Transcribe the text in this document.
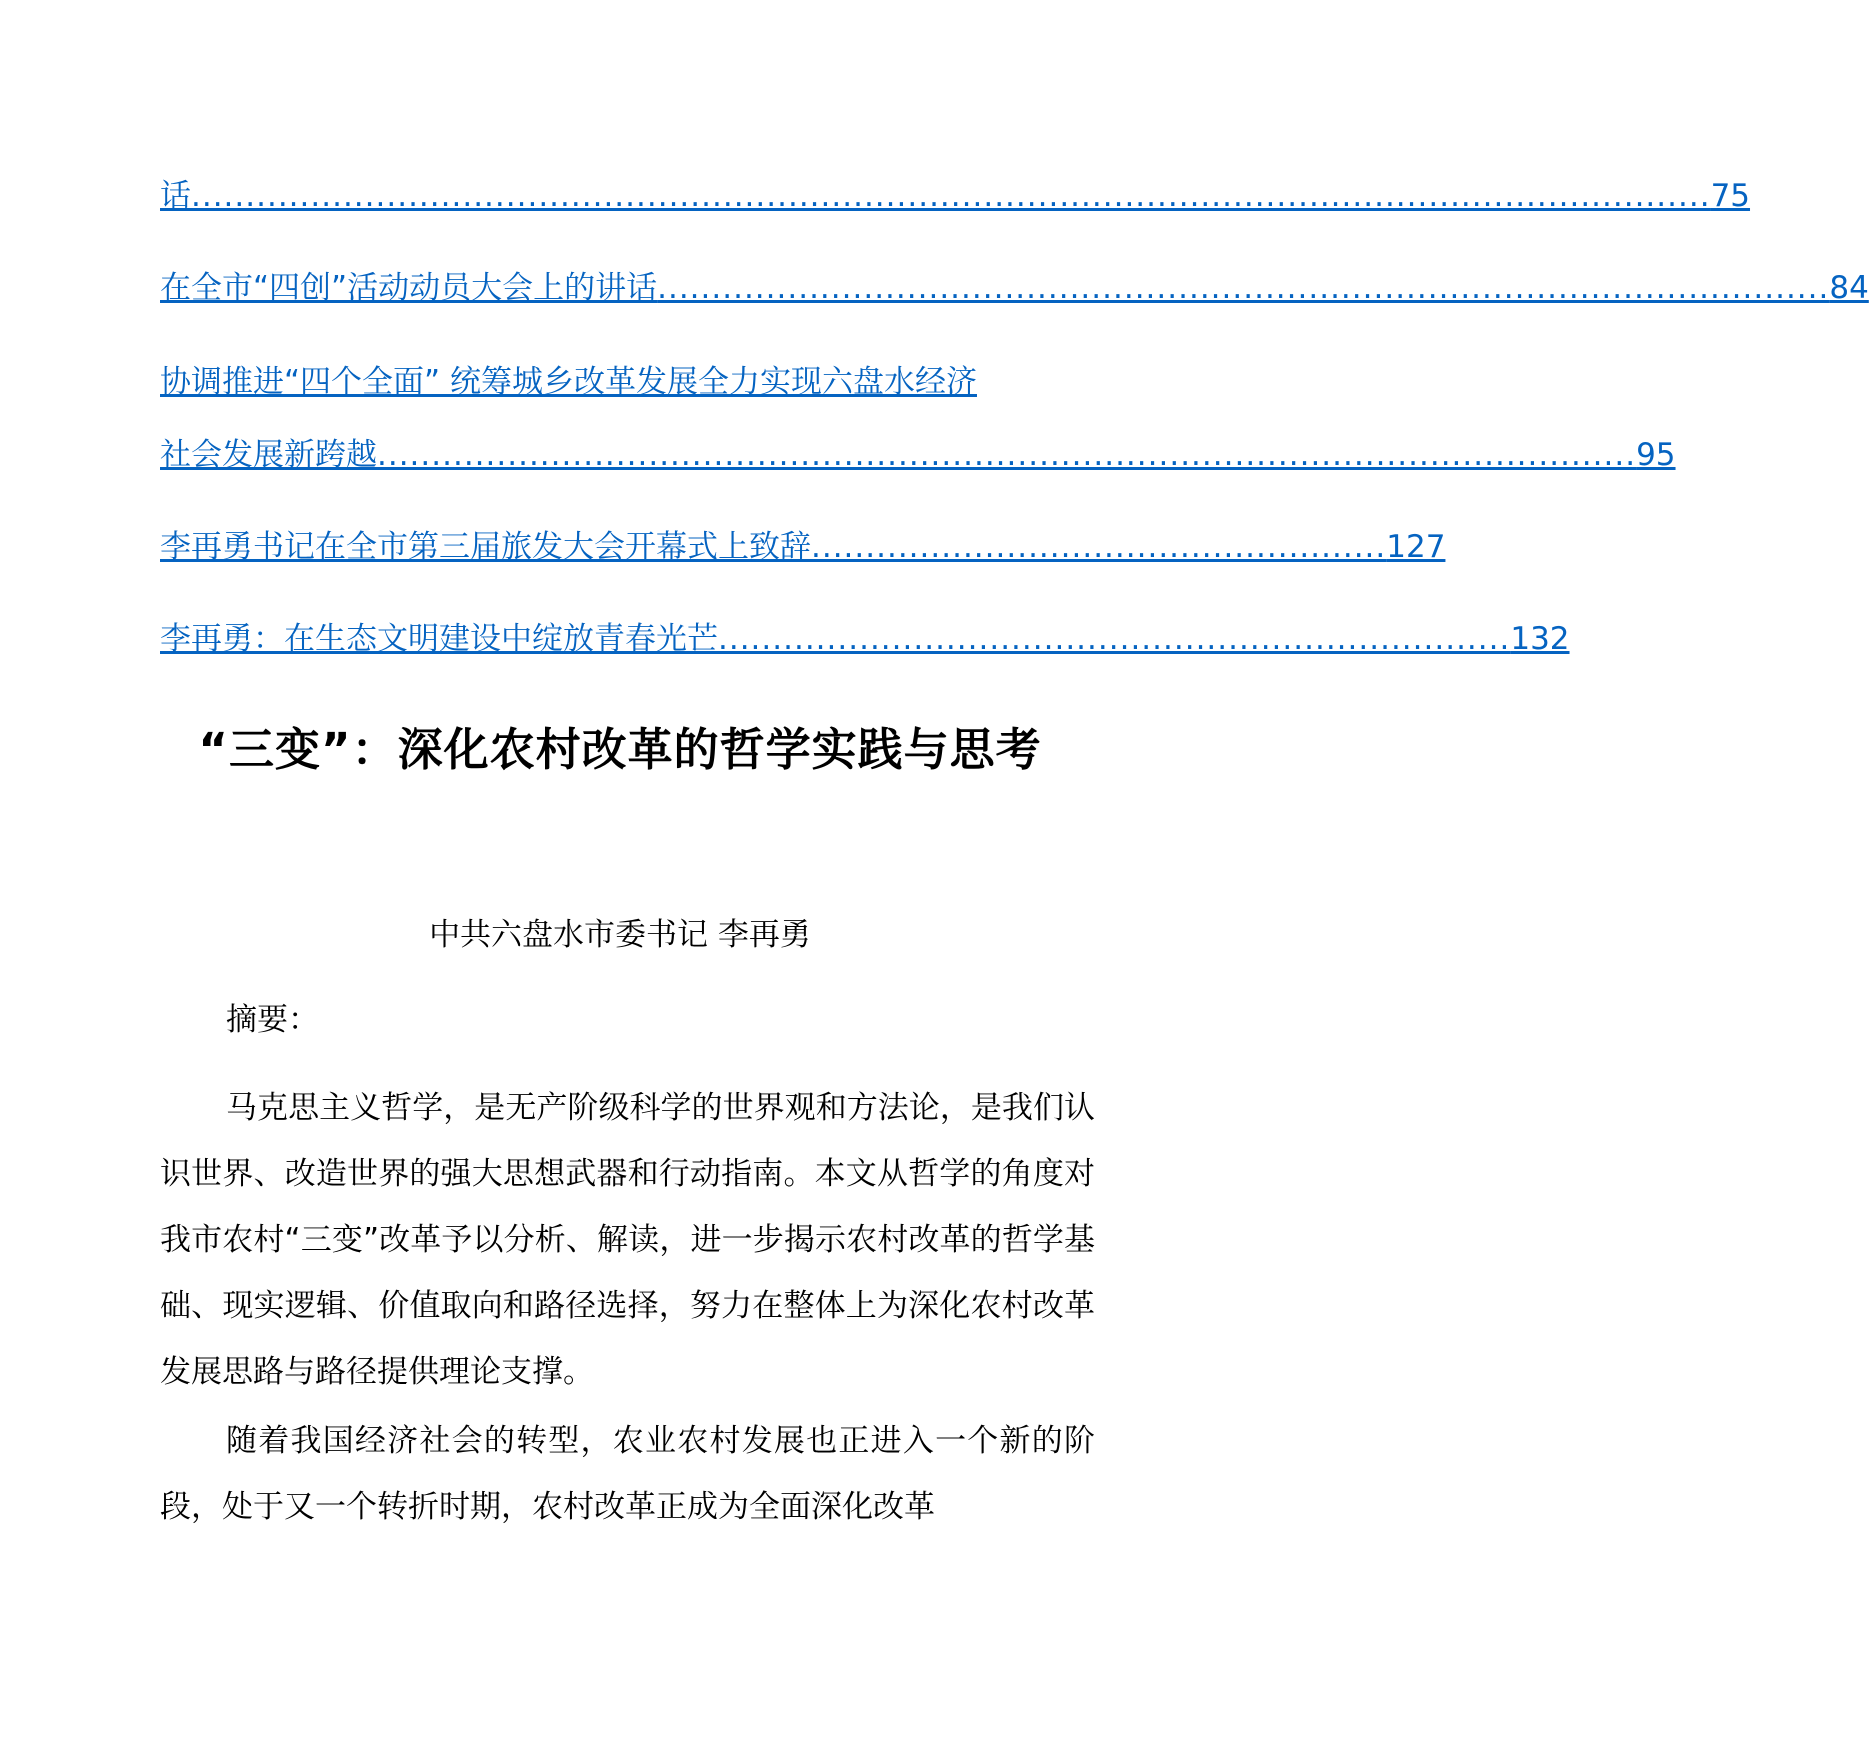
话 ............................................................................................................................................ 75
在全市“四创”活动动员大会上的讲话 ............................................................................................................ 84
协调推进“四个全面” 统筹城乡改革发展全力实现六盘水经济
社会发展新跨越 .................................................................................................................... 95
李再勇书记在全市第三届旅发大会开幕式上致辞 ..................................................... 127
李再勇：在生态文明建设中绽放青春光芒 ......................................................................... 132
“三变”：深化农村改革的哲学实践与思考
中共六盘水市委书记 李再勇
摘要：
马克思主义哲学，是无产阶级科学的世界观和方法论，是我们认识世界、改造世界的强大思想武器和行动指南。本文从哲学的角度对我市农村“三变”改革予以分析、解读，进一步揭示农村改革的哲学基础、现实逻辑、价值取向和路径选择，努力在整体上为深化农村改革发展思路与路径提供理论支撑。
随着我国经济社会的转型，农业农村发展也正进入一个新的阶段，处于又一个转折时期，农村改革正成为全面深化改革
